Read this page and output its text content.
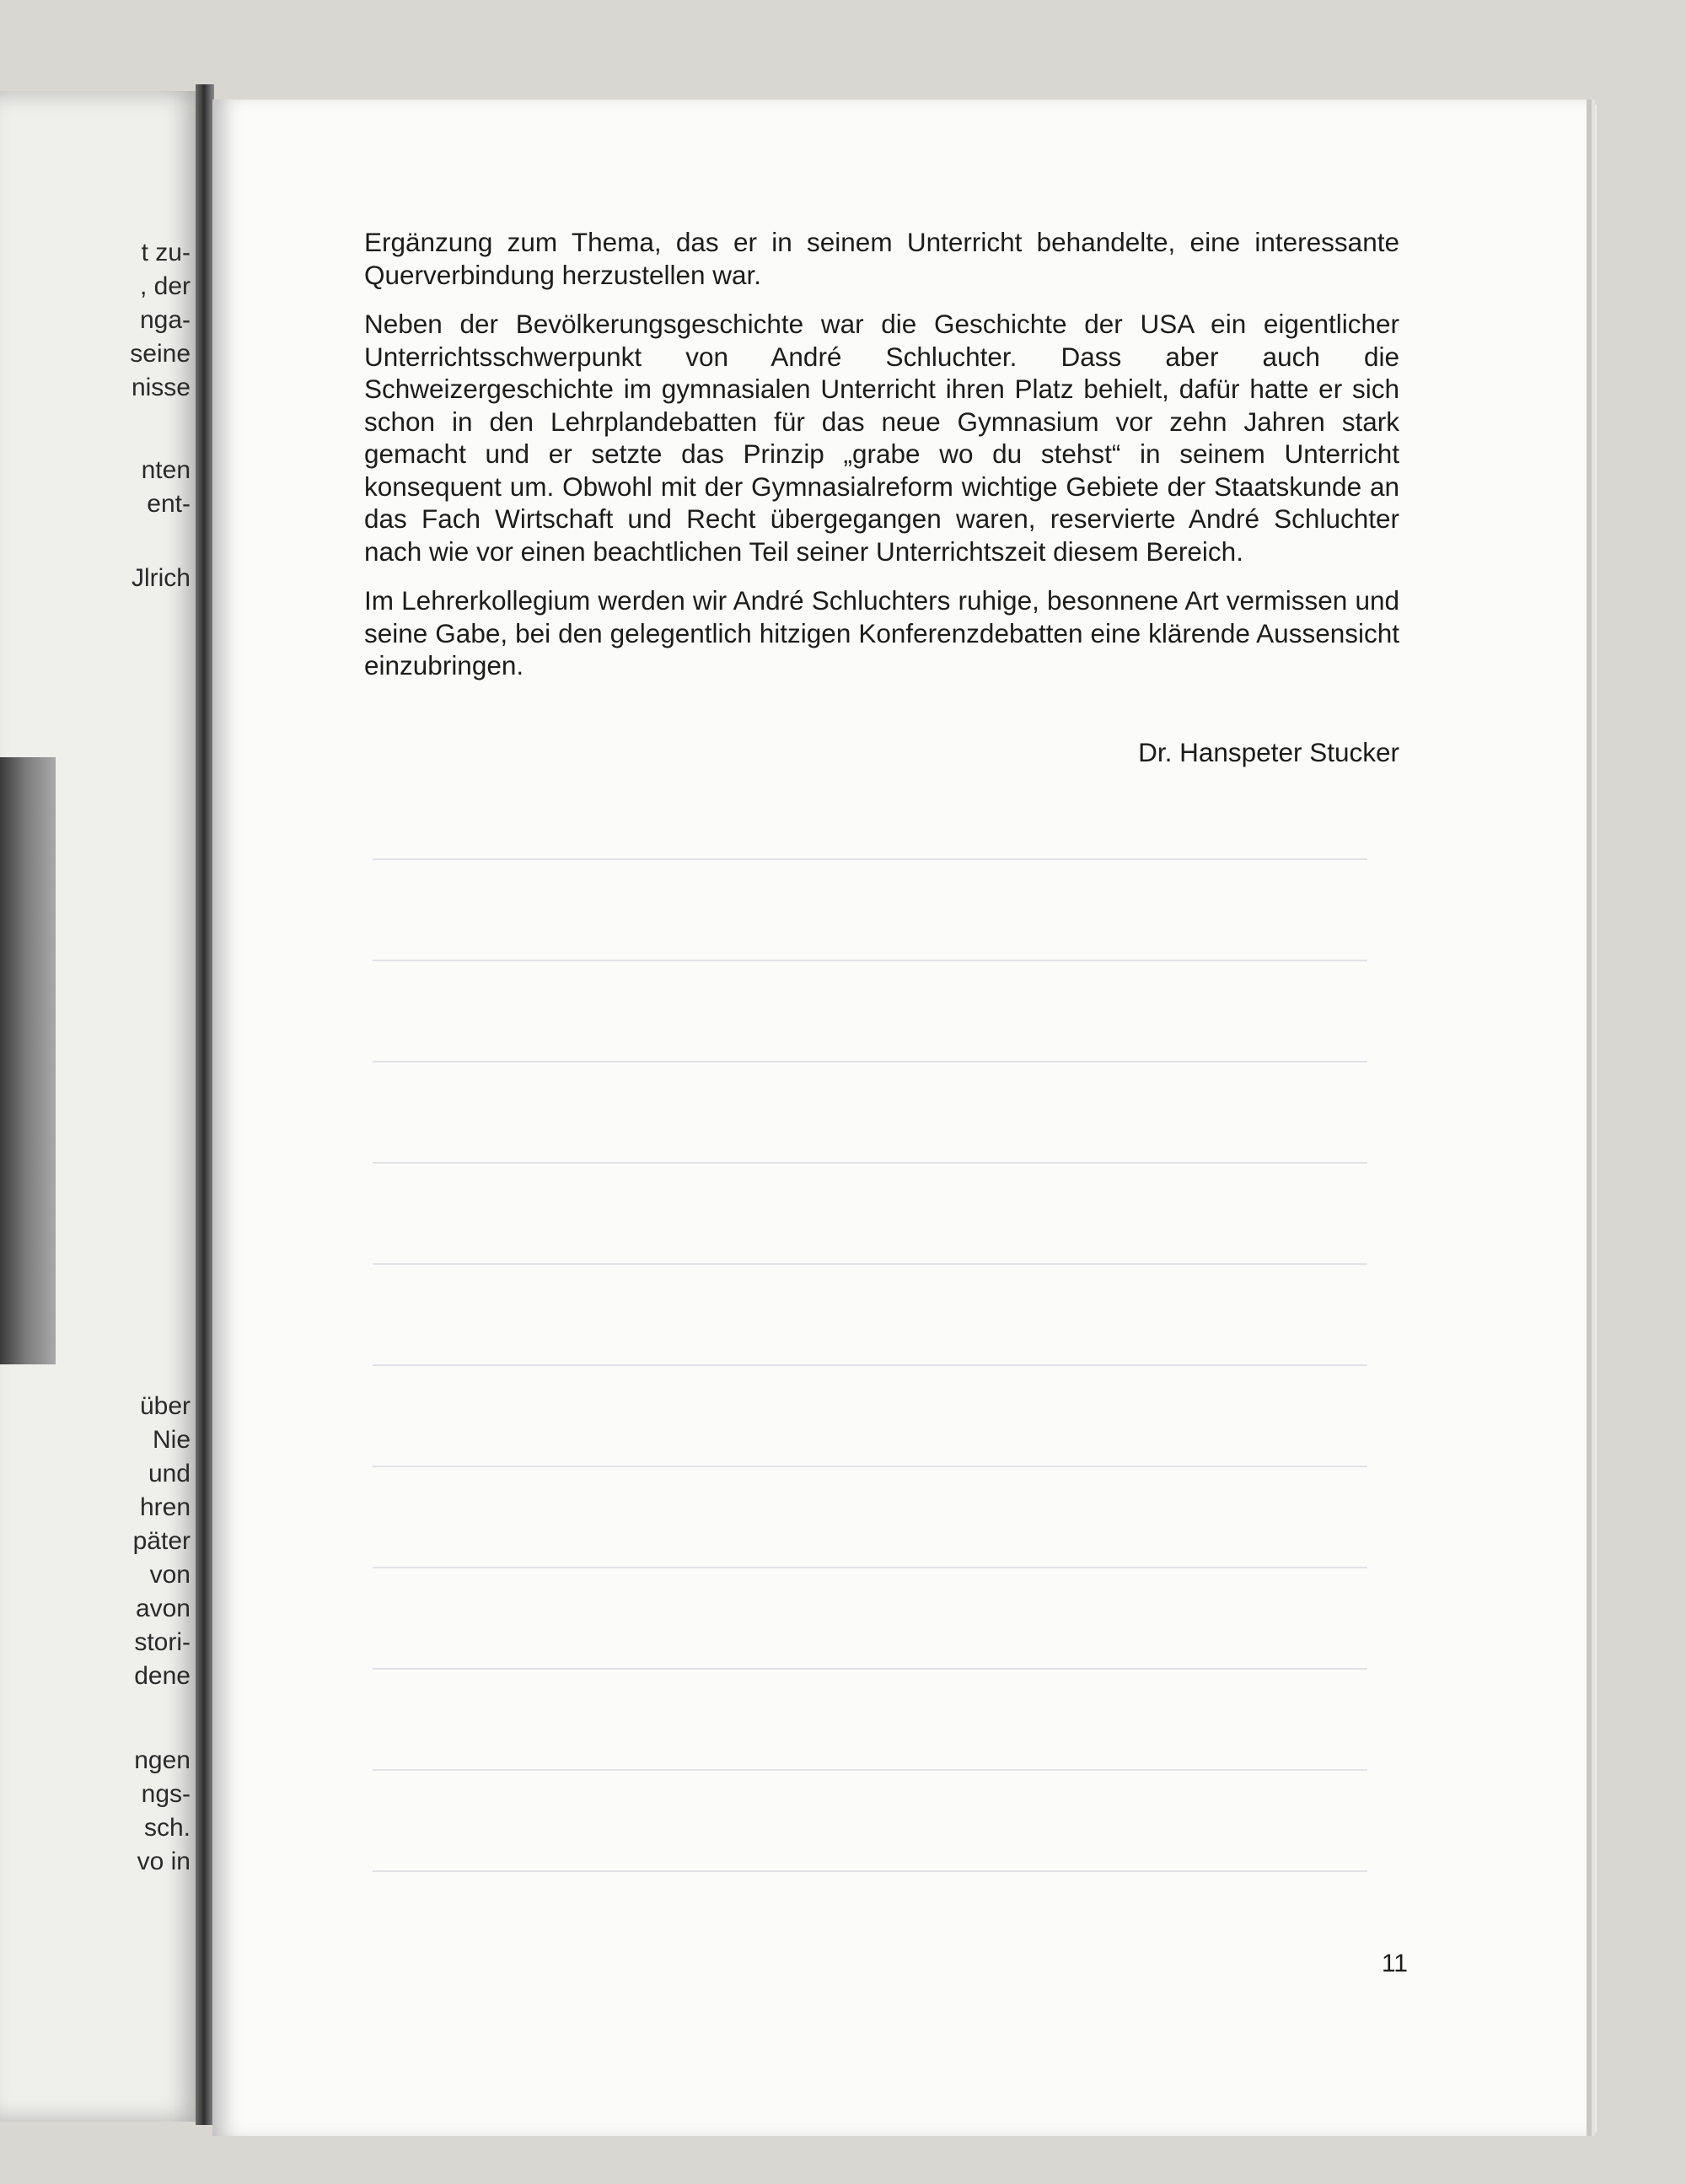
t zu-

, der

nga-

seine

nisse

nten

ent-

Jlrich

über

Nie

und

hren

päter

von

avon

stori-

dene

ngen

ngs-

sch.

vo in

Ergänzung zum Thema, das er in seinem Unterricht behandelte, eine interessante Querverbindung herzustellen war.

Neben der Bevölkerungsgeschichte war die Geschichte der USA ein eigentlicher Unterrichtsschwerpunkt von André Schluchter. Dass aber auch die Schweizergeschichte im gymnasialen Unterricht ihren Platz behielt, dafür hatte er sich schon in den Lehrplandebatten für das neue Gymnasium vor zehn Jahren stark gemacht und er setzte das Prinzip „grabe wo du stehst“ in seinem Unterricht konsequent um. Obwohl mit der Gymnasialreform wichtige Gebiete der Staatskunde an das Fach Wirtschaft und Recht übergegangen waren, reservierte André Schluchter nach wie vor einen beachtlichen Teil seiner Unterrichtszeit diesem Bereich.

Im Lehrerkollegium werden wir André Schluchters ruhige, besonnene Art vermissen und seine Gabe, bei den gelegentlich hitzigen Konferenzdebatten eine klärende Aussensicht einzubringen.

Dr. Hanspeter Stucker

11
